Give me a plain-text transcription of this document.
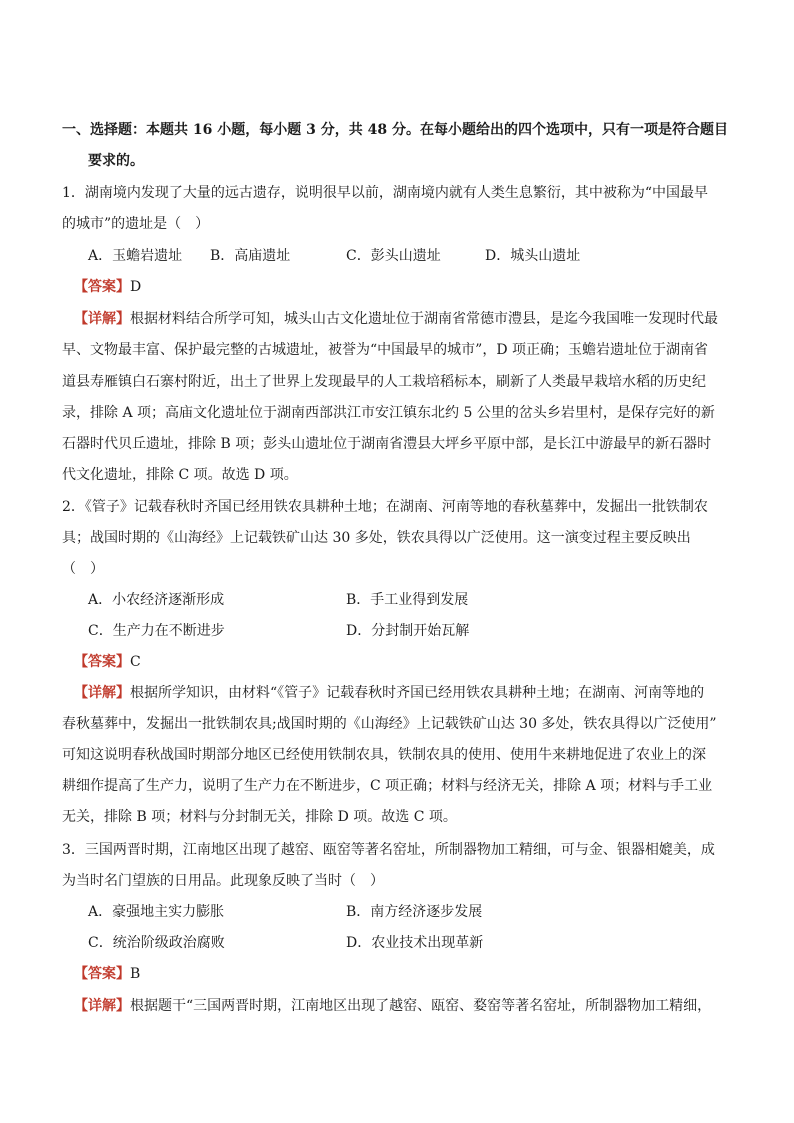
一、选择题：本题共 16 小题，每小题 3 分，共 48 分。在每小题给出的四个选项中，只有一项是符合题目
要求的。
1．湖南境内发现了大量的远古遗存，说明很早以前，湖南境内就有人类生息繁衍，其中被称为“中国最早
的城市”的遗址是（　）
A．玉蟾岩遗址 B．高庙遗址	C．彭头山遗址	D．城头山遗址
【答案】D
【详解】根据材料结合所学可知，城头山古文化遗址位于湖南省常德市澧县，是迄今我国唯一发现时代最
早、文物最丰富、保护最完整的古城遗址，被誉为“中国最早的城市”，D 项正确；玉蟾岩遗址位于湖南省
道县寿雁镇白石寨村附近，出土了世界上发现最早的人工栽培稻标本，刷新了人类最早栽培水稻的历史纪
录，排除 A 项；高庙文化遗址位于湖南西部洪江市安江镇东北约 5 公里的岔头乡岩里村，是保存完好的新
石器时代贝丘遗址，排除 B 项；彭头山遗址位于湖南省澧县大坪乡平原中部，是长江中游最早的新石器时
代文化遗址，排除 C 项。故选 D 项。
2．《管子》记载春秋时齐国已经用铁农具耕种土地；在湖南、河南等地的春秋墓葬中，发掘出一批铁制农
具；战国时期的《山海经》上记载铁矿山达 30 多处，铁农具得以广泛使用。这一演变过程主要反映出
（　）
A．小农经济逐渐形成	B．手工业得到发展
C．生产力在不断进步	D．分封制开始瓦解
【答案】C
【详解】根据所学知识，由材料“《管子》记载春秋时齐国已经用铁农具耕种土地；在湖南、河南等地的
春秋墓葬中，发掘出一批铁制农具;战国时期的《山海经》上记载铁矿山达 30 多处，铁农具得以广泛使用”
可知这说明春秋战国时期部分地区已经使用铁制农具，铁制农具的使用、使用牛来耕地促进了农业上的深
耕细作提高了生产力，说明了生产力在不断进步，C 项正确；材料与经济无关，排除 A 项；材料与手工业
无关，排除 B 项；材料与分封制无关，排除 D 项。故选 C 项。
3．三国两晋时期，江南地区出现了越窑、瓯窑等著名窑址，所制器物加工精细，可与金、银器相媲美，成
为当时名门望族的日用品。此现象反映了当时（　）
A．豪强地主实力膨胀	B．南方经济逐步发展
C．统治阶级政治腐败	D．农业技术出现革新
【答案】B
【详解】根据题干“三国两晋时期，江南地区出现了越窑、瓯窑、婺窑等著名窑址，所制器物加工精细，
